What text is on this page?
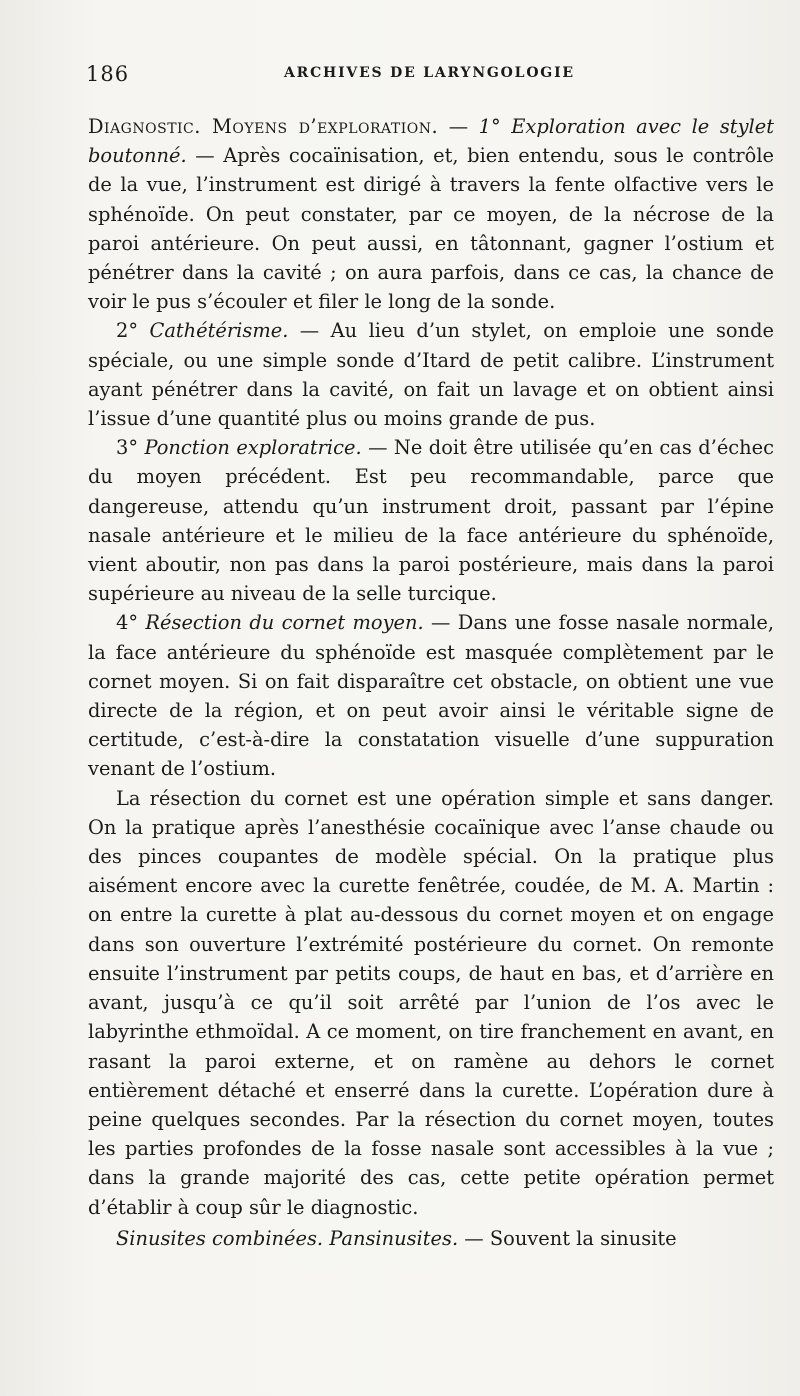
186	ARCHIVES DE LARYNGOLOGIE

Diagnostic. Moyens d’exploration. — 1° Exploration avec le stylet boutonné. — Après cocaïnisation, et, bien entendu, sous le contrôle de la vue, l’instrument est dirigé à travers la fente olfactive vers le sphénoïde. On peut constater, par ce moyen, de la nécrose de la paroi antérieure. On peut aussi, en tâtonnant, gagner l’ostium et pénétrer dans la cavité ; on aura parfois, dans ce cas, la chance de voir le pus s’écouler et filer le long de la sonde.

2° Cathétérisme. — Au lieu d’un stylet, on emploie une sonde spéciale, ou une simple sonde d’Itard de petit calibre. L’instrument ayant pénétrer dans la cavité, on fait un lavage et on obtient ainsi l’issue d’une quantité plus ou moins grande de pus.

3° Ponction exploratrice. — Ne doit être utilisée qu’en cas d’échec du moyen précédent. Est peu recommandable, parce que dangereuse, attendu qu’un instrument droit, passant par l’épine nasale antérieure et le milieu de la face antérieure du sphénoïde, vient aboutir, non pas dans la paroi postérieure, mais dans la paroi supérieure au niveau de la selle turcique.

4° Résection du cornet moyen. — Dans une fosse nasale normale, la face antérieure du sphénoïde est masquée complètement par le cornet moyen. Si on fait disparaître cet obstacle, on obtient une vue directe de la région, et on peut avoir ainsi le véritable signe de certitude, c’est-à-dire la constatation visuelle d’une suppuration venant de l’ostium.

La résection du cornet est une opération simple et sans danger. On la pratique après l’anesthésie cocaïnique avec l’anse chaude ou des pinces coupantes de modèle spécial. On la pratique plus aisément encore avec la curette fenêtrée, coudée, de M. A. Martin : on entre la curette à plat au-dessous du cornet moyen et on engage dans son ouverture l’extrémité postérieure du cornet. On remonte ensuite l’instrument par petits coups, de haut en bas, et d’arrière en avant, jusqu’à ce qu’il soit arrêté par l’union de l’os avec le labyrinthe ethmoïdal. A ce moment, on tire franchement en avant, en rasant la paroi externe, et on ramène au dehors le cornet entièrement détaché et enserré dans la curette. L’opération dure à peine quelques secondes. Par la résection du cornet moyen, toutes les parties profondes de la fosse nasale sont accessibles à la vue ; dans la grande majorité des cas, cette petite opération permet d’établir à coup sûr le diagnostic.

Sinusites combinées. Pansinusites. — Souvent la sinusite
